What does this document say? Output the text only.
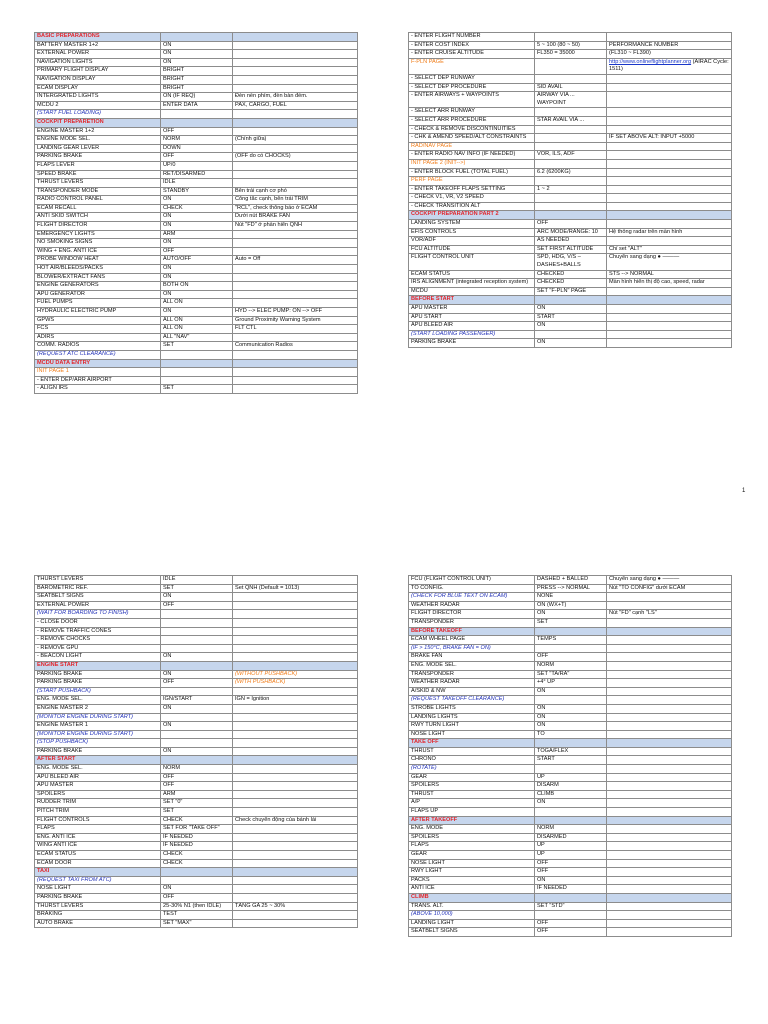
BASIC PREPARATIONS		
BATTERY MASTER 1+2	ON	
EXTERNAL POWER	ON	
NAVIGATION LIGHTS	ON	
PRIMARY FLIGHT DISPLAY	BRIGHT	
NAVIGATION DISPLAY	BRIGHT	
ECAM DISPLAY	BRIGHT	
INTERGRATED LIGHTS	ON (IF REQ)	Đèn nền phím, đèn bàn đềm.
MCDU 2	ENTER DATA	PAX, CARGO, FUEL
(START FUEL LOADING)		
COCKPIT PREPARETION		
ENGINE MASTER 1+2	OFF	
ENGINE MODE SEL.	NORM	(Chính giữa)
LANDING GEAR LEVER	DOWN	
PARKING BRAKE	OFF	(OFF do có CHOCKS)
FLAPS LEVER	UP/0	
SPEED BRAKE	RET/DISARMED	
THRUST LEVERS	IDLE	
TRANSPONDER MODE	STANDBY	Bên trái cạnh cơ phó
RADIO CONTROL PANEL	ON	Công tắc cạnh, bên trái TRIM
ECAM RECALL	CHECK	"RCL", check thông báo ở ECAM
ANTI SKID SWITCH	ON	Dưới nút BRAKE FAN
FLIGHT DIRECTOR	ON	Nút "FD" ở phần hiển QNH
EMERGENCY LIGHTS	ARM	
NO SMOKING SIGNS	ON	
WING + ENG. ANTI ICE	OFF	
PROBE WINDOW HEAT	AUTO/OFF	Auto = Off
HOT AIR/BLEEDS/PACKS	ON	
BLOWER/EXTRACT FANS	ON	
ENGINE GENERATORS	BOTH ON	
APU GENERATOR	ON	
FUEL PUMPS	ALL ON	
HYDRAULIC ELECTRIC PUMP	ON	HYD --> ELEC PUMP: ON --> OFF
GPWS	ALL ON	Ground Proximity Warning System
FCS	ALL ON	FLT CTL
ADIRS	ALL "NAV"	
COMM. RADIOS	SET	Communication Radios
(REQUEST ATC CLEARANCE)		
MCDU DATA ENTRY		
INIT PAGE 1		
- ENTER DEP/ARR AIRPORT		
- ALIGN IRS	SET	
- ENTER FLIGHT NUMBER		
- ENTER COST INDEX	5 ~ 100 (80 ~ 50)	PERFORMANCE NUMBER
- ENTER CRUISE ALTITUDE	FL350 = 35000	(FL310 ~ FL390)
F-PLN PAGE		http://www.onlineflightplanner.org (AIRAC Cycle: 1511)
- SELECT DEP RUNWAY		
- SELECT DEP PROCEDURE	SID AVAIL	
- ENTER AIRWAYS + WAYPOINTS	AIRWAY VIA ... WAYPOINT	
- SELECT ARR RUNWAY		
- SELECT ARR PROCEDURE	STAR AVAIL VIA ...	
- CHECK & REMOVE DISCONTINUITIES		
- CHK & AMEND SPEED/ALT CONSTRAINTS		IF SET ABOVE ALT: INPUT +5000
RAD/NAV PAGE		
- ENTER RADIO NAV INFO (IF NEEDED)	VOR, ILS, ADF	
INIT PAGE 2 (INIT-->)		
- ENTER BLOCK FUEL (TOTAL FUEL)	6.2 (6200KG)	
PERF PAGE		
- ENTER TAKEOFF FLAPS SETTING	1 ~ 2	
- CHECK V1, VR, V2 SPEED		
- CHECK TRANSITION ALT		
COCKPIT PREPARATION PART 2		
LANDING SYSTEM	OFF	
EFIS CONTROLS	ARC MODE/RANGE: 10	Hệ thống radar trên màn hình
VOR/ADF	AS NEEDED	
FCU ALTITUDE	SET FIRST ALTITUDE	Chỉ set "ALT"
FLIGHT CONTROL UNIT	SPD, HDG, V/S – DASHES+BALLS	Chuyển sang dạng ● ———
ECAM STATUS	CHECKED	STS --> NORMAL
IRS ALIGNMENT (integrated reception system)	CHECKED	Màn hình hiển thị độ cao, speed, radar
MCDU	SET "F-PLN" PAGE	
BEFORE START		
APU MASTER	ON	
APU START	START	
APU BLEED AIR	ON	
(START LOADING PASSENGER)		
PARKING BRAKE	ON	
THURST LEVERS	IDLE	
BAROMETRIC REF.	SET	Set QNH (Default = 1013)
SEATBELT SIGNS	ON	
EXTERNAL POWER	OFF	
(WAIT FOR BOARDING TO FINISH)		
- CLOSE DOOR		
- REMOVE TRAFFIC CONES		
- REMOVE CHOCKS		
- REMOVE GPU		
- BEACON LIGHT	ON	
ENGINE START		
PARKING BRAKE	ON	(WITHOUT PUSHBACK)
PARKING BRAKE	OFF	(WITH PUSHBACK)
(START PUSHBACK)		
ENG. MODE SEL.	IGN/START	IGN = Ignition
ENGINE MASTER 2	ON	
(MONITOR ENGINE DURING START)		
ENGINE MASTER 1	ON	
(MONITOR ENGINE DURING START)		
(STOP PUSHBACK)		
PARKING BRAKE	ON	
AFTER START		
ENG. MODE SEL.	NORM	
APU BLEED AIR	OFF	
APU MASTER	OFF	
SPOILERS	ARM	
RUDDER TRIM	SET "0"	
PITCH TRIM	SET	
FLIGHT CONTROLS	CHECK	Check chuyển động của bánh lái
FLAPS	SET FOR "TAKE OFF"	
ENG. ANTI ICE	IF NEEDED	
WING ANTI ICE	IF NEEDED	
ECAM STATUS	CHECK	
ECAM DOOR	CHECK	
TAXI		
(REQUEST TAXI FROM ATC)		
NOSE LIGHT	ON	
PARKING BRAKE	OFF	
THURST LEVERS	25-30% N1 (then IDLE)	TĂNG GA 25 ~ 30%
BRAKING	TEST	
AUTO BRAKE	SET "MAX"	
FCU (FLIGHT CONTROL UNIT)	DASHED + BALLED	Chuyển sang dạng ● ———
TO CONFIG.	PRESS --> NORMAL	Nút "TO CONFIG" dưới ECAM
(CHECK FOR BLUE TEXT ON ECAM)	NONE	
WEATHER RADAR	ON (WX+T)	
FLIGHT DIRECTOR	ON	Nút "FD" cạnh "LS"
TRANSPONDER	SET	
BEFORE TAKEOFF		
ECAM WHEEL PAGE	TEMPS	
(IF > 150°C, BRAKE FAN = ON)		
BRAKE FAN	OFF	
ENG. MODE SEL.	NORM	
TRANSPONDER	SET "TA/RA"	
WEATHER RADAR	+4° UP	
A/SKID & NW	ON	
(REQUEST TAKEOFF CLEARANCE)		
STROBE LIGHTS	ON	
LANDING LIGHTS	ON	
RWY TURN LIGHT	ON	
NOSE LIGHT	TO	
TAKE OFF		
THRUST	TOGA/FLEX	
CHRONO	START	
(ROTATE)		
GEAR	UP	
SPOILERS	DISARM	
THRUST	CLIMB	
A/P	ON	
FLAPS UP		
AFTER TAKEOFF		
ENG. MODE	NORM	
SPOILERS	DISARMED	
FLAPS	UP	
GEAR	UP	
NOSE LIGHT	OFF	
RWY LIGHT	OFF	
PACKS	ON	
ANTI ICE	IF NEEDED	
CLIMB		
TRANS. ALT.	SET "STD"	
(ABOVE 10,000)		
LANDING LIGHT	OFF	
SEATBELT SIGNS	OFF	
1
